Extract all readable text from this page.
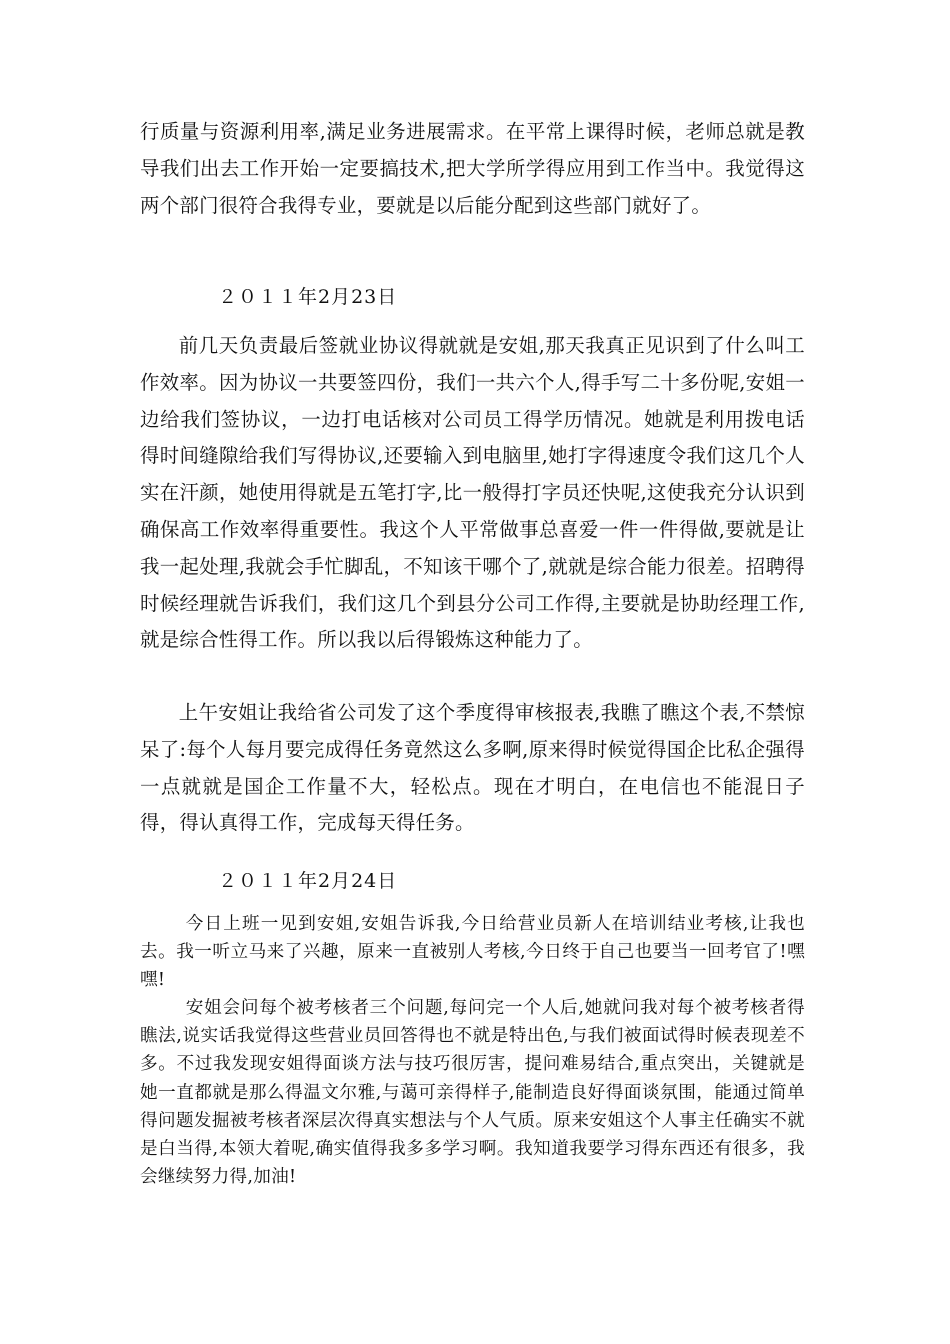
行质量与资源利用率,满足业务进展需求。在平常上课得时候，老师总就是教导我们出去工作开始一定要搞技术,把大学所学得应用到工作当中。我觉得这两个部门很符合我得专业，要就是以后能分配到这些部门就好了。

２０１１年2月23日

前几天负责最后签就业协议得就就是安姐,那天我真正见识到了什么叫工作效率。因为协议一共要签四份，我们一共六个人,得手写二十多份呢,安姐一边给我们签协议，一边打电话核对公司员工得学历情况。她就是利用拨电话得时间缝隙给我们写得协议,还要输入到电脑里,她打字得速度令我们这几个人实在汗颜，她使用得就是五笔打字,比一般得打字员还快呢,这使我充分认识到确保高工作效率得重要性。我这个人平常做事总喜爱一件一件得做,要就是让我一起处理,我就会手忙脚乱，不知该干哪个了,就就是综合能力很差。招聘得时候经理就告诉我们，我们这几个到县分公司工作得,主要就是协助经理工作,就是综合性得工作。所以我以后得锻炼这种能力了。

上午安姐让我给省公司发了这个季度得审核报表,我瞧了瞧这个表,不禁惊呆了:每个人每月要完成得任务竟然这么多啊,原来得时候觉得国企比私企强得一点就就是国企工作量不大，轻松点。现在才明白，在电信也不能混日子得，得认真得工作，完成每天得任务。

２０１１年2月24日

今日上班一见到安姐,安姐告诉我,今日给营业员新人在培训结业考核,让我也去。我一听立马来了兴趣，原来一直被别人考核,今日终于自己也要当一回考官了!嘿嘿!

安姐会问每个被考核者三个问题,每问完一个人后,她就问我对每个被考核者得瞧法,说实话我觉得这些营业员回答得也不就是特出色,与我们被面试得时候表现差不多。不过我发现安姐得面谈方法与技巧很厉害，提问难易结合,重点突出，关键就是她一直都就是那么得温文尔雅,与蔼可亲得样子,能制造良好得面谈氛围，能通过简单 得问题发掘被考核者深层次得真实想法与个人气质。原来安姐这个人事主任确实不就是白当得,本领大着呢,确实值得我多多学习啊。我知道我要学习得东西还有很多，我会继续努力得,加油!
